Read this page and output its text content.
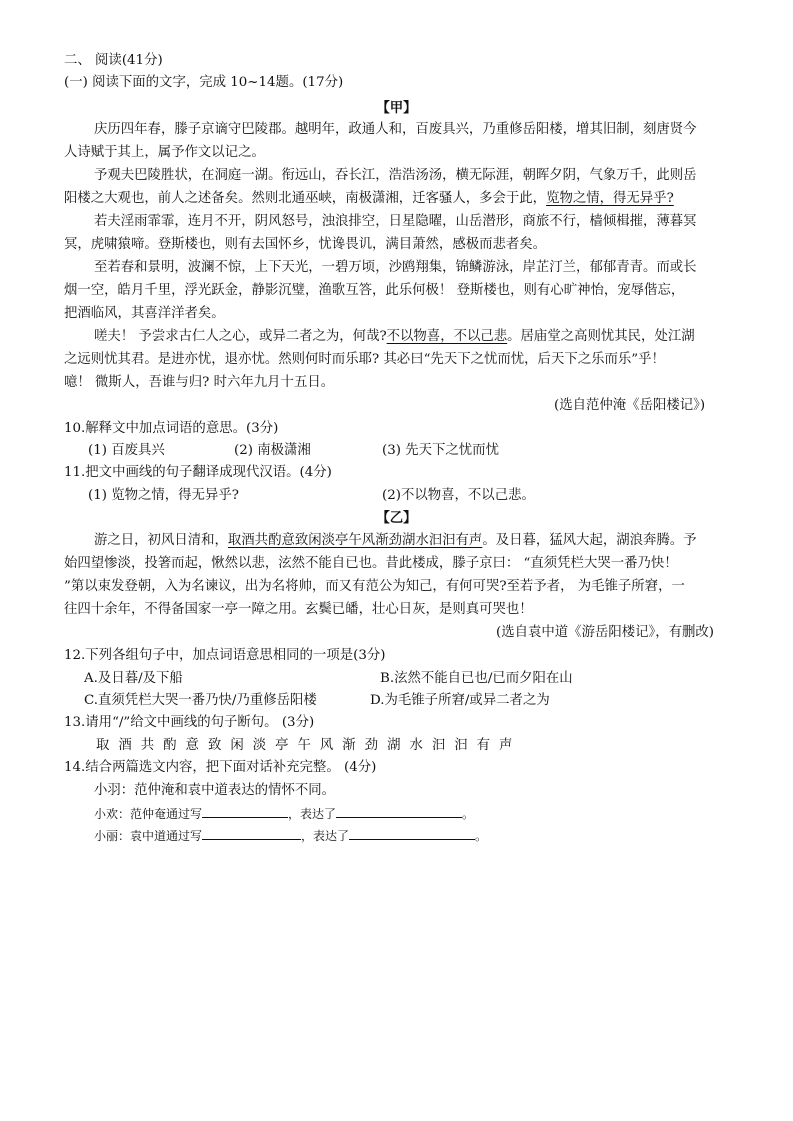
二、 阅读(41分)
(一) 阅读下面的文字，完成 10~14题。(17分)
【甲】
庆历四年春，滕子京谪守巴陵郡。越明年，政通人和，百废具兴，乃重修岳阳楼，增其旧制，刻唐贤今
人诗赋于其上，属予作文以记之。
予观夫巴陵胜状，在洞庭一湖。衔远山，吞长江，浩浩汤汤，横无际涯，朝晖夕阴，气象万千，此则岳
阳楼之大观也，前人之述备矣。然则北通巫峡，南极潇湘，迁客骚人，多会于此，览物之情，得无异乎?
若夫淫雨霏霏，连月不开，阴风怒号，浊浪排空，日星隐曜，山岳潜形，商旅不行，樯倾楫摧，薄暮冥
冥，虎啸猿啼。登斯楼也，则有去国怀乡，忧谗畏讥，满目萧然，感极而悲者矣。
至若春和景明，波澜不惊，上下天光，一碧万顷，沙鸥翔集，锦鳞游泳，岸芷汀兰，郁郁青青。而或长
烟一空，皓月千里，浮光跃金，静影沉璧，渔歌互答，此乐何极！ 登斯楼也，则有心旷神怡，宠辱偕忘，
把酒临风，其喜洋洋者矣。
嗟夫！ 予尝求古仁人之心，或异二者之为，何哉?不以物喜，不以己悲。居庙堂之高则忧其民，处江湖
之远则忧其君。是进亦忧，退亦忧。然则何时而乐耶? 其必曰“先天下之忧而忧，后天下之乐而乐”乎！
噫！ 微斯人，吾谁与归? 时六年九月十五日。
(选自范仲淹《岳阳楼记》)
10.解释文中加点词语的意思。(3分)
(1) 百废具兴	(2) 南极潇湘	(3) 先天下之忧而忧
11.把文中画线的句子翻译成现代汉语。(4分)
(1) 览物之情，得无异乎?	(2)不以物喜，不以己悲。
【乙】
游之日，初风日清和，取酒共酌意致闲淡亭午风渐劲湖水汩汩有声。及日暮，猛风大起，湖浪奔腾。予
始四望惨淡，投箸而起，愀然以悲，泫然不能自已也。昔此楼成，滕子京曰： “直须凭栏大哭一番乃快！
”第以束发登朝，入为名谏议，出为名将帅，而又有范公为知己，有何可哭?至若予者， 为毛锥子所窘，一
往四十余年，不得备国家一亭一障之用。玄鬓已皤，壮心日灰，是则真可哭也！
(选自袁中道《游岳阳楼记》，有删改)
12.下列各组句子中，加点词语意思相同的一项是(3分)
A.及日暮/及下船	B.泫然不能自已也/已而夕阳在山
C.直须凭栏大哭一番乃快/乃重修岳阳楼	D.为毛锥子所窘/或异二者之为
13.请用“/”给文中画线的句子断句。 (3分)
取酒共酌意致闲淡亭午风渐劲湖水汩汩有声
14.结合两篇选文内容，把下面对话补充完整。 (4分)
小羽：范仲淹和袁中道表达的情怀不同。
小欢：范仲奄通过写	，表达了	。
小丽：袁中道通过写	，表达了	。
